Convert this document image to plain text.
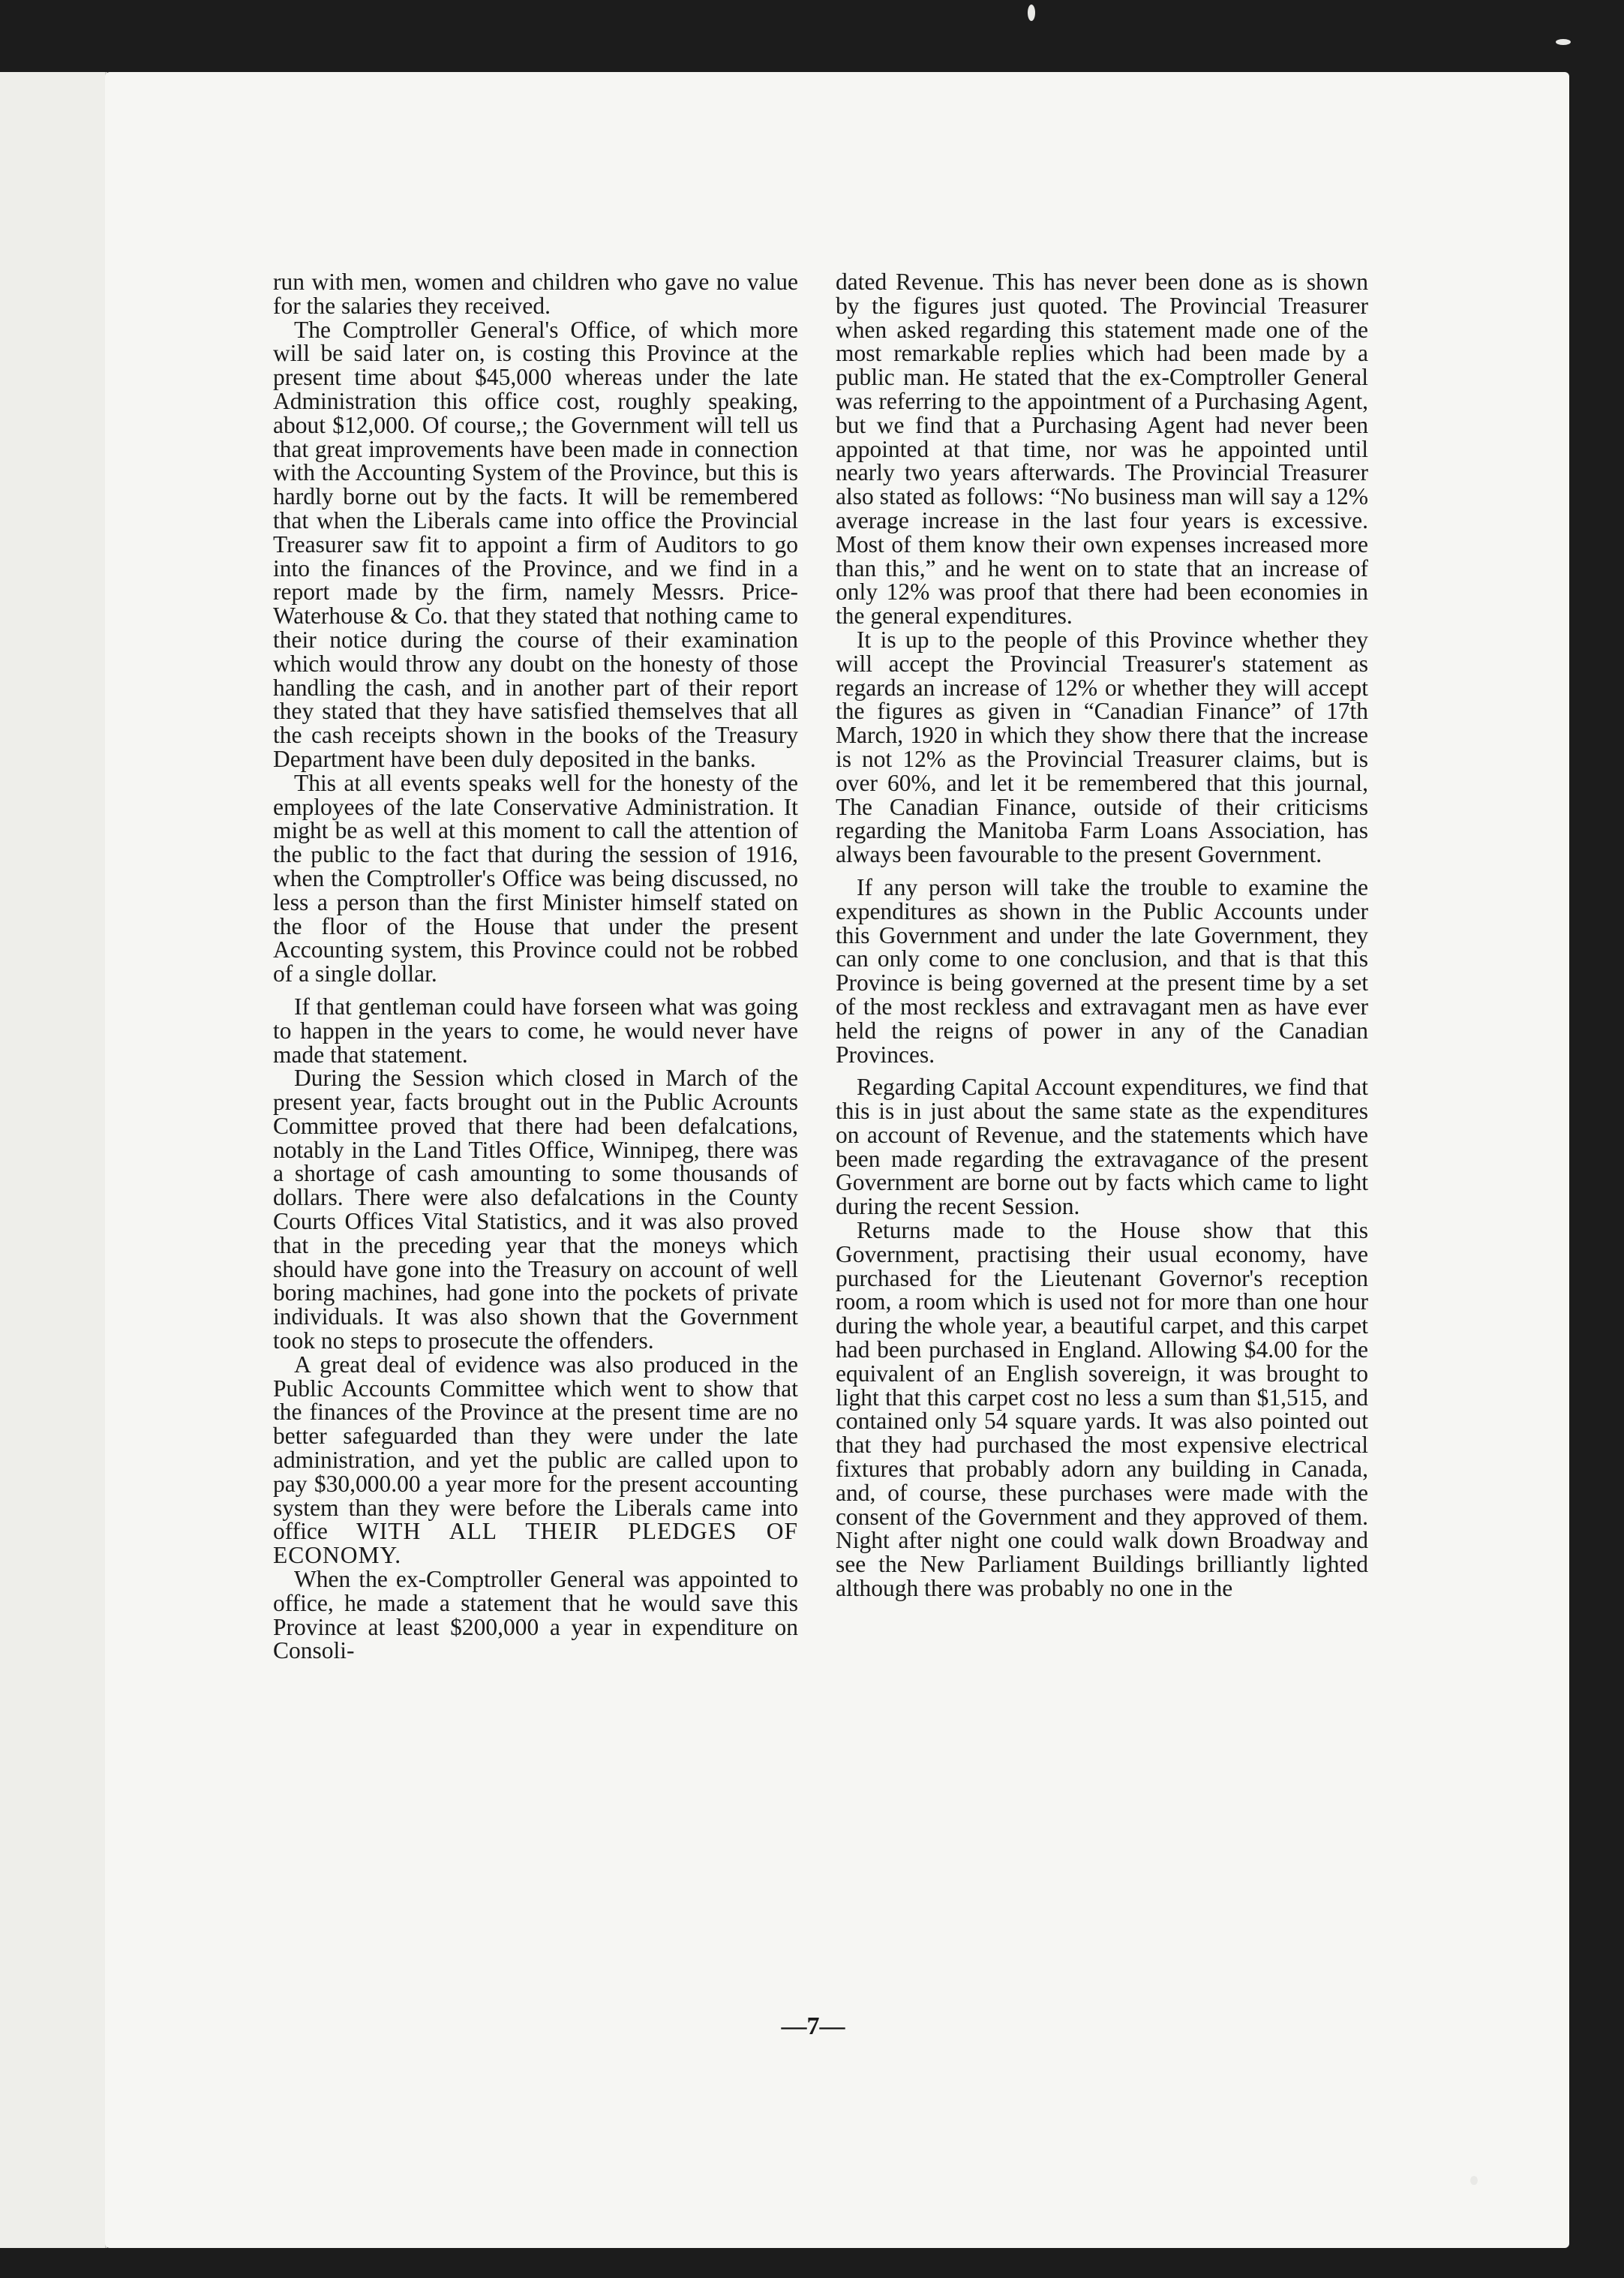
run with men, women and children who gave no value for the salaries they received.

The Comptroller General's Office, of which more will be said later on, is costing this Province at the present time about $45,000 whereas under the late Administration this office cost, roughly speaking, about $12,000. Of course,; the Government will tell us that great improvements have been made in connection with the Accounting System of the Province, but this is hardly borne out by the facts. It will be remembered that when the Liberals came into office the Provincial Treasurer saw fit to appoint a firm of Auditors to go into the finances of the Province, and we find in a report made by the firm, namely Messrs. Price-Waterhouse & Co. that they stated that nothing came to their notice during the course of their examination which would throw any doubt on the honesty of those handling the cash, and in another part of their report they stated that they have satisfied themselves that all the cash receipts shown in the books of the Treasury Department have been duly deposited in the banks.

This at all events speaks well for the honesty of the employees of the late Conservative Administration. It might be as well at this moment to call the attention of the public to the fact that during the session of 1916, when the Comptroller's Office was being discussed, no less a person than the first Minister himself stated on the floor of the House that under the present Accounting system, this Province could not be robbed of a single dollar.

If that gentleman could have forseen what was going to happen in the years to come, he would never have made that statement.

During the Session which closed in March of the present year, facts brought out in the Public Acrounts Committee proved that there had been defalcations, notably in the Land Titles Office, Winnipeg, there was a shortage of cash amounting to some thousands of dollars. There were also defalcations in the County Courts Offices Vital Statistics, and it was also proved that in the preceding year that the moneys which should have gone into the Treasury on account of well boring machines, had gone into the pockets of private individuals. It was also shown that the Government took no steps to prosecute the offenders.

A great deal of evidence was also produced in the Public Accounts Committee which went to show that the finances of the Province at the present time are no better safeguarded than they were under the late administration, and yet the public are called upon to pay $30,000.00 a year more for the present accounting system than they were before the Liberals came into office WITH ALL THEIR PLEDGES OF ECONOMY.

When the ex-Comptroller General was appointed to office, he made a statement that he would save this Province at least $200,000 a year in expenditure on Consoli-

dated Revenue. This has never been done as is shown by the figures just quoted. The Provincial Treasurer when asked regarding this statement made one of the most remarkable replies which had been made by a public man. He stated that the ex-Comptroller General was referring to the appointment of a Purchasing Agent, but we find that a Purchasing Agent had never been appointed at that time, nor was he appointed until nearly two years afterwards. The Provincial Treasurer also stated as follows: “No business man will say a 12% average increase in the last four years is excessive. Most of them know their own expenses increased more than this,” and he went on to state that an increase of only 12% was proof that there had been economies in the general expenditures.

It is up to the people of this Province whether they will accept the Provincial Treasurer's statement as regards an increase of 12% or whether they will accept the figures as given in “Canadian Finance” of 17th March, 1920 in which they show there that the increase is not 12% as the Provincial Treasurer claims, but is over 60%, and let it be remembered that this journal, The Canadian Finance, outside of their criticisms regarding the Manitoba Farm Loans Association, has always been favourable to the present Government.

If any person will take the trouble to examine the expenditures as shown in the Public Accounts under this Government and under the late Government, they can only come to one conclusion, and that is that this Province is being governed at the present time by a set of the most reckless and extravagant men as have ever held the reigns of power in any of the Canadian Provinces.

Regarding Capital Account expenditures, we find that this is in just about the same state as the expenditures on account of Revenue, and the statements which have been made regarding the extravagance of the present Government are borne out by facts which came to light during the recent Session.

Returns made to the House show that this Government, practising their usual economy, have purchased for the Lieutenant Governor's reception room, a room which is used not for more than one hour during the whole year, a beautiful carpet, and this carpet had been purchased in England. Allowing $4.00 for the equivalent of an English sovereign, it was brought to light that this carpet cost no less a sum than $1,515, and contained only 54 square yards. It was also pointed out that they had purchased the most expensive electrical fixtures that probably adorn any building in Canada, and, of course, these purchases were made with the consent of the Government and they approved of them. Night after night one could walk down Broadway and see the New Parliament Buildings brilliantly lighted although there was probably no one in the

—7—
